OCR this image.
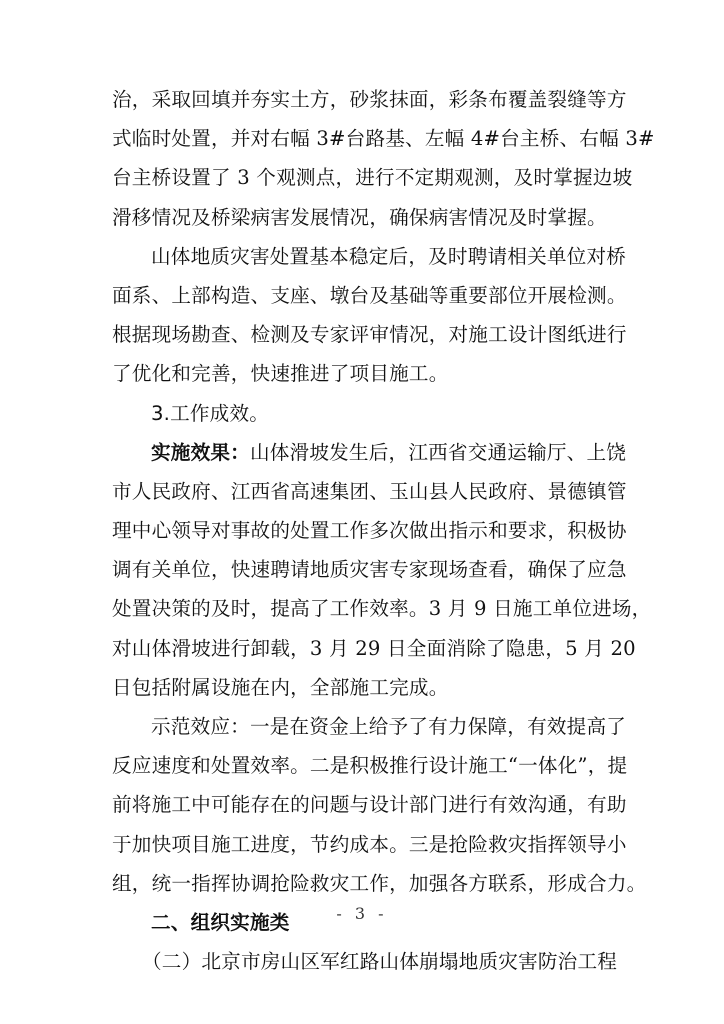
治，采取回填并夯实土方，砂浆抹面，彩条布覆盖裂缝等方
式临时处置，并对右幅 3#台路基、左幅 4#台主桥、右幅 3#
台主桥设置了 3 个观测点，进行不定期观测，及时掌握边坡
滑移情况及桥梁病害发展情况，确保病害情况及时掌握。
山体地质灾害处置基本稳定后，及时聘请相关单位对桥
面系、上部构造、支座、墩台及基础等重要部位开展检测。
根据现场勘查、检测及专家评审情况，对施工设计图纸进行
了优化和完善，快速推进了项目施工。
3.工作成效。
实施效果：山体滑坡发生后，江西省交通运输厅、上饶
市人民政府、江西省高速集团、玉山县人民政府、景德镇管
理中心领导对事故的处置工作多次做出指示和要求，积极协
调有关单位，快速聘请地质灾害专家现场查看，确保了应急
处置决策的及时，提高了工作效率。3 月 9 日施工单位进场，
对山体滑坡进行卸载，3 月 29 日全面消除了隐患，5 月 20
日包括附属设施在内，全部施工完成。
示范效应：一是在资金上给予了有力保障，有效提高了
反应速度和处置效率。二是积极推行设计施工“一体化”，提
前将施工中可能存在的问题与设计部门进行有效沟通，有助
于加快项目施工进度，节约成本。三是抢险救灾指挥领导小
组，统一指挥协调抢险救灾工作，加强各方联系，形成合力。
二、组织实施类
（二）北京市房山区军红路山体崩塌地质灾害防治工程
- 3 -
